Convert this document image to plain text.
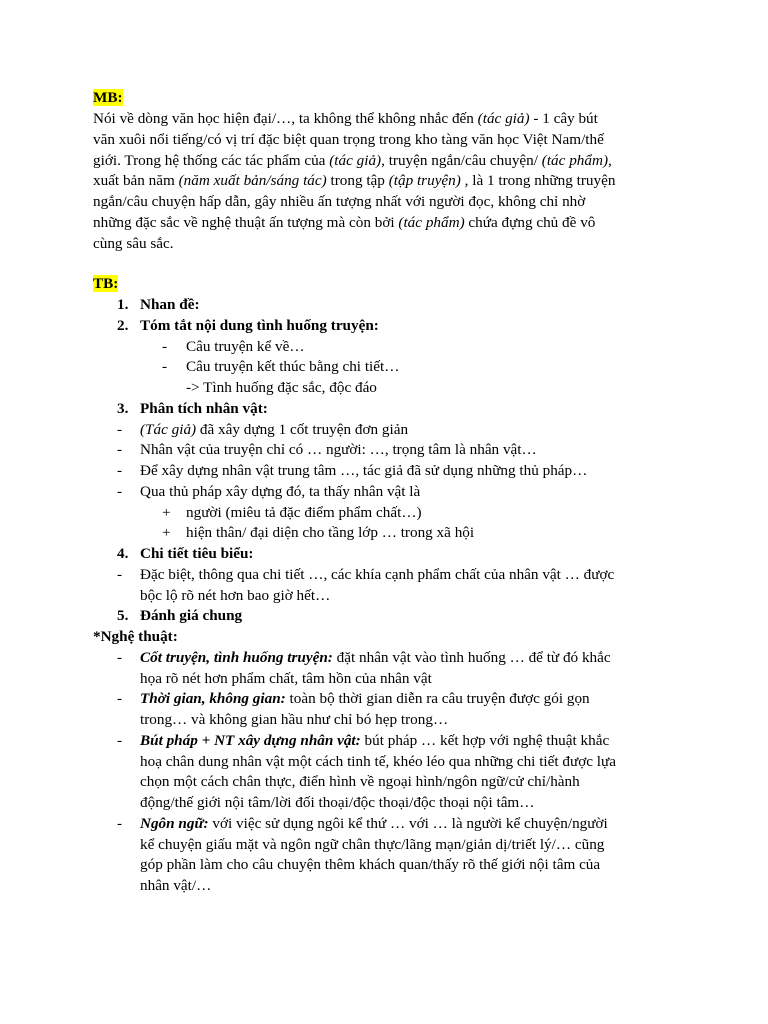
MB:
Nói về dòng văn học hiện đại/…, ta không thể không nhắc đến (tác giả) - 1 cây bút
văn xuôi nổi tiếng/có vị trí đặc biệt quan trọng trong kho tàng văn học Việt Nam/thế
giới. Trong hệ thống các tác phẩm của (tác giả), truyện ngắn/câu chuyện/ (tác phẩm),
xuất bản năm (năm xuất bản/sáng tác) trong tập (tập truyện) , là 1 trong những truyện
ngắn/câu chuyện hấp dẫn, gây nhiều ấn tượng nhất với người đọc, không chỉ nhờ
những đặc sắc về nghệ thuật ấn tượng mà còn bởi (tác phẩm) chứa đựng chủ đề vô
cùng sâu sắc.
TB:
1. Nhan đề:
2. Tóm tắt nội dung tình huống truyện:
- Câu truyện kể về…
- Câu truyện kết thúc bằng chi tiết…
-> Tình huống đặc sắc, độc đáo
3. Phân tích nhân vật:
- (Tác giả) đã xây dựng 1 cốt truyện đơn giản
- Nhân vật của truyện chỉ có … người: …, trọng tâm là nhân vật…
- Để xây dựng nhân vật trung tâm …, tác giả đã sử dụng những thủ pháp…
- Qua thủ pháp xây dựng đó, ta thấy nhân vật là
+ người (miêu tả đặc điểm phẩm chất…)
+ hiện thân/ đại diện cho tầng lớp … trong xã hội
4. Chi tiết tiêu biểu:
- Đặc biệt, thông qua chi tiết …, các khía cạnh phẩm chất của nhân vật … được
bộc lộ rõ nét hơn bao giờ hết…
5. Đánh giá chung
*Nghệ thuật:
- Cốt truyện, tình huống truyện: đặt nhân vật vào tình huống … để từ đó khắc
họa rõ nét hơn phẩm chất, tâm hồn của nhân vật
- Thời gian, không gian: toàn bộ thời gian diễn ra câu truyện được gói gọn
trong… và không gian hầu như chỉ bó hẹp trong…
- Bút pháp + NT xây dựng nhân vật: bút pháp … kết hợp với nghệ thuật khắc
hoạ chân dung nhân vật một cách tinh tế, khéo léo qua những chi tiết được lựa
chọn một cách chân thực, điển hình về ngoại hình/ngôn ngữ/cử chỉ/hành
động/thế giới nội tâm/lời đối thoại/độc thoại/độc thoại nội tâm…
- Ngôn ngữ: với việc sử dụng ngôi kể thứ … với … là người kể chuyện/người
kể chuyện giấu mặt và ngôn ngữ chân thực/lãng mạn/giản dị/triết lý/… cũng
góp phần làm cho câu chuyện thêm khách quan/thấy rõ thế giới nội tâm của
nhân vật/…
